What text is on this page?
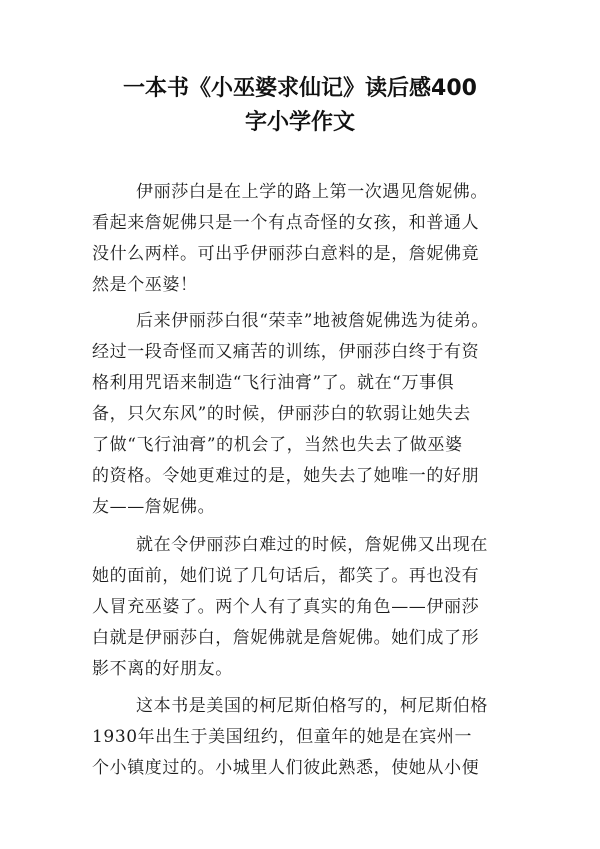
一本书《小巫婆求仙记》读后感400
字小学作文
伊丽莎白是在上学的路上第一次遇见詹妮佛。
看起来詹妮佛只是一个有点奇怪的女孩，和普通人
没什么两样。可出乎伊丽莎白意料的是，詹妮佛竟
然是个巫婆！
后来伊丽莎白很“荣幸”地被詹妮佛选为徒弟。
经过一段奇怪而又痛苦的训练，伊丽莎白终于有资
格利用咒语来制造“飞行油膏”了。就在“万事俱
备，只欠东风”的时候，伊丽莎白的软弱让她失去
了做“飞行油膏”的机会了，当然也失去了做巫婆
的资格。令她更难过的是，她失去了她唯一的好朋
友——詹妮佛。
就在令伊丽莎白难过的时候，詹妮佛又出现在
她的面前，她们说了几句话后，都笑了。再也没有
人冒充巫婆了。两个人有了真实的角色——伊丽莎
白就是伊丽莎白，詹妮佛就是詹妮佛。她们成了形
影不离的好朋友。
这本书是美国的柯尼斯伯格写的，柯尼斯伯格
1930年出生于美国纽约，但童年的她是在宾州一
个小镇度过的。小城里人们彼此熟悉，使她从小便
